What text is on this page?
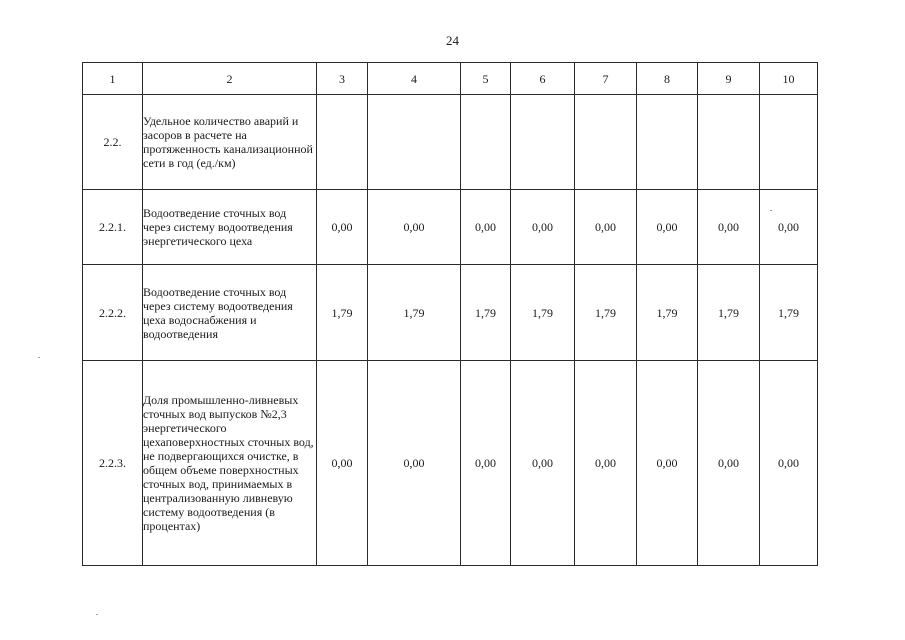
24
1	2	3	4	5	6	7	8	9	10
2.2.	Удельное количество аварий и засоров в расчете на протяженность канализационной сети в год (ед./км)								
2.2.1.	Водоотведение сточных вод через систему водоотведения энергетического цеха	0,00	0,00	0,00	0,00	0,00	0,00	0,00	0,00
2.2.2.	Водоотведение сточных вод через систему водоотведения цеха водоснабжения и водоотведения	1,79	1,79	1,79	1,79	1,79	1,79	1,79	1,79
2.2.3.	Доля промышленно-ливневых сточных вод выпусков №2,3 энергетического цехаповерхностных сточных вод, не подвергающихся очистке, в общем объеме поверхностных сточных вод, принимаемых в централизованную ливневую систему водоотведения (в процентах)	0,00	0,00	0,00	0,00	0,00	0,00	0,00	0,00
